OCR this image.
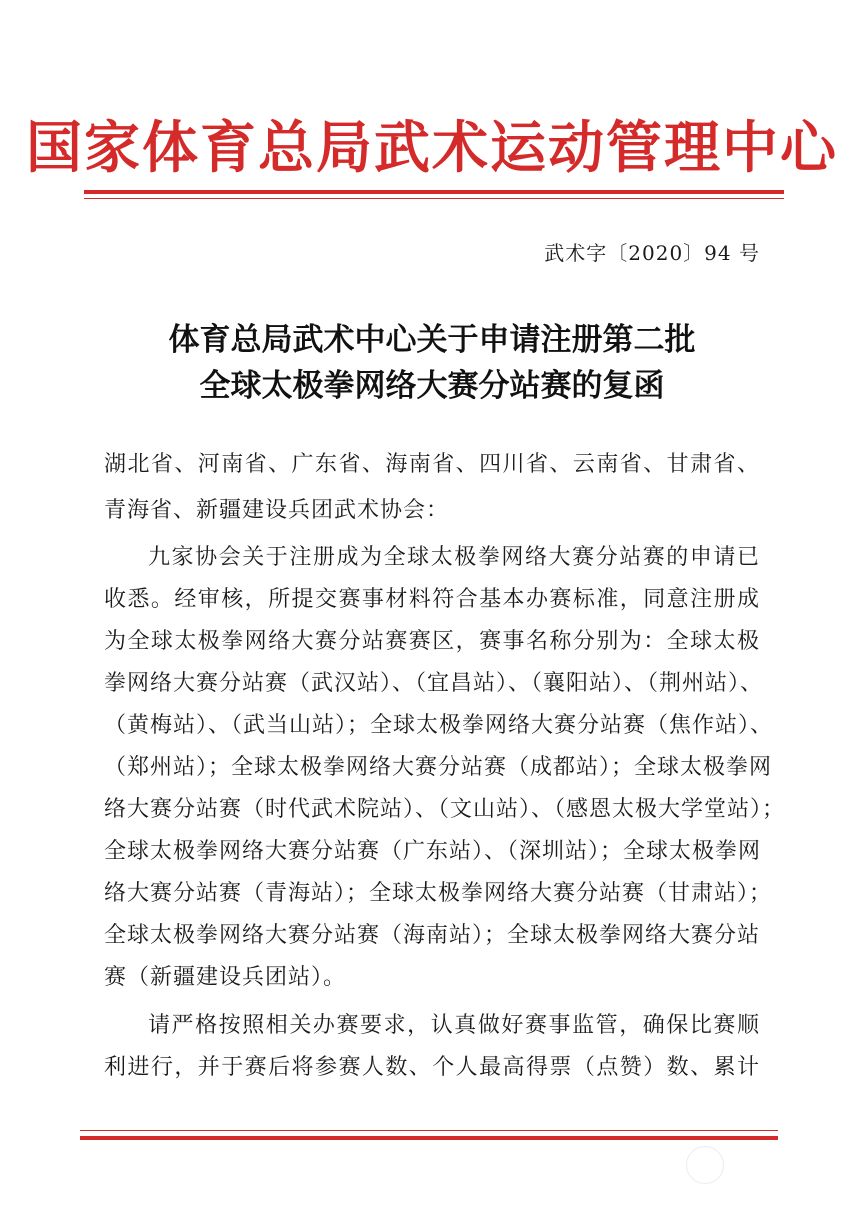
国家体育总局武术运动管理中心
武术字〔2020〕94 号
体育总局武术中心关于申请注册第二批
全球太极拳网络大赛分站赛的复函
湖北省、河南省、广东省、海南省、四川省、云南省、甘肃省、
青海省、新疆建设兵团武术协会：
九家协会关于注册成为全球太极拳网络大赛分站赛的申请已
收悉。经审核，所提交赛事材料符合基本办赛标准，同意注册成
为全球太极拳网络大赛分站赛赛区，赛事名称分别为：全球太极
拳网络大赛分站赛（武汉站）、（宜昌站）、（襄阳站）、（荆州站）、
（黄梅站）、（武当山站）；全球太极拳网络大赛分站赛（焦作站）、
（郑州站）；全球太极拳网络大赛分站赛（成都站）；全球太极拳网
络大赛分站赛（时代武术院站）、（文山站）、（感恩太极大学堂站）；
全球太极拳网络大赛分站赛（广东站）、（深圳站）；全球太极拳网
络大赛分站赛（青海站）；全球太极拳网络大赛分站赛（甘肃站）；
全球太极拳网络大赛分站赛（海南站）；全球太极拳网络大赛分站
赛（新疆建设兵团站）。
请严格按照相关办赛要求，认真做好赛事监管，确保比赛顺
利进行，并于赛后将参赛人数、个人最高得票（点赞）数、累计
